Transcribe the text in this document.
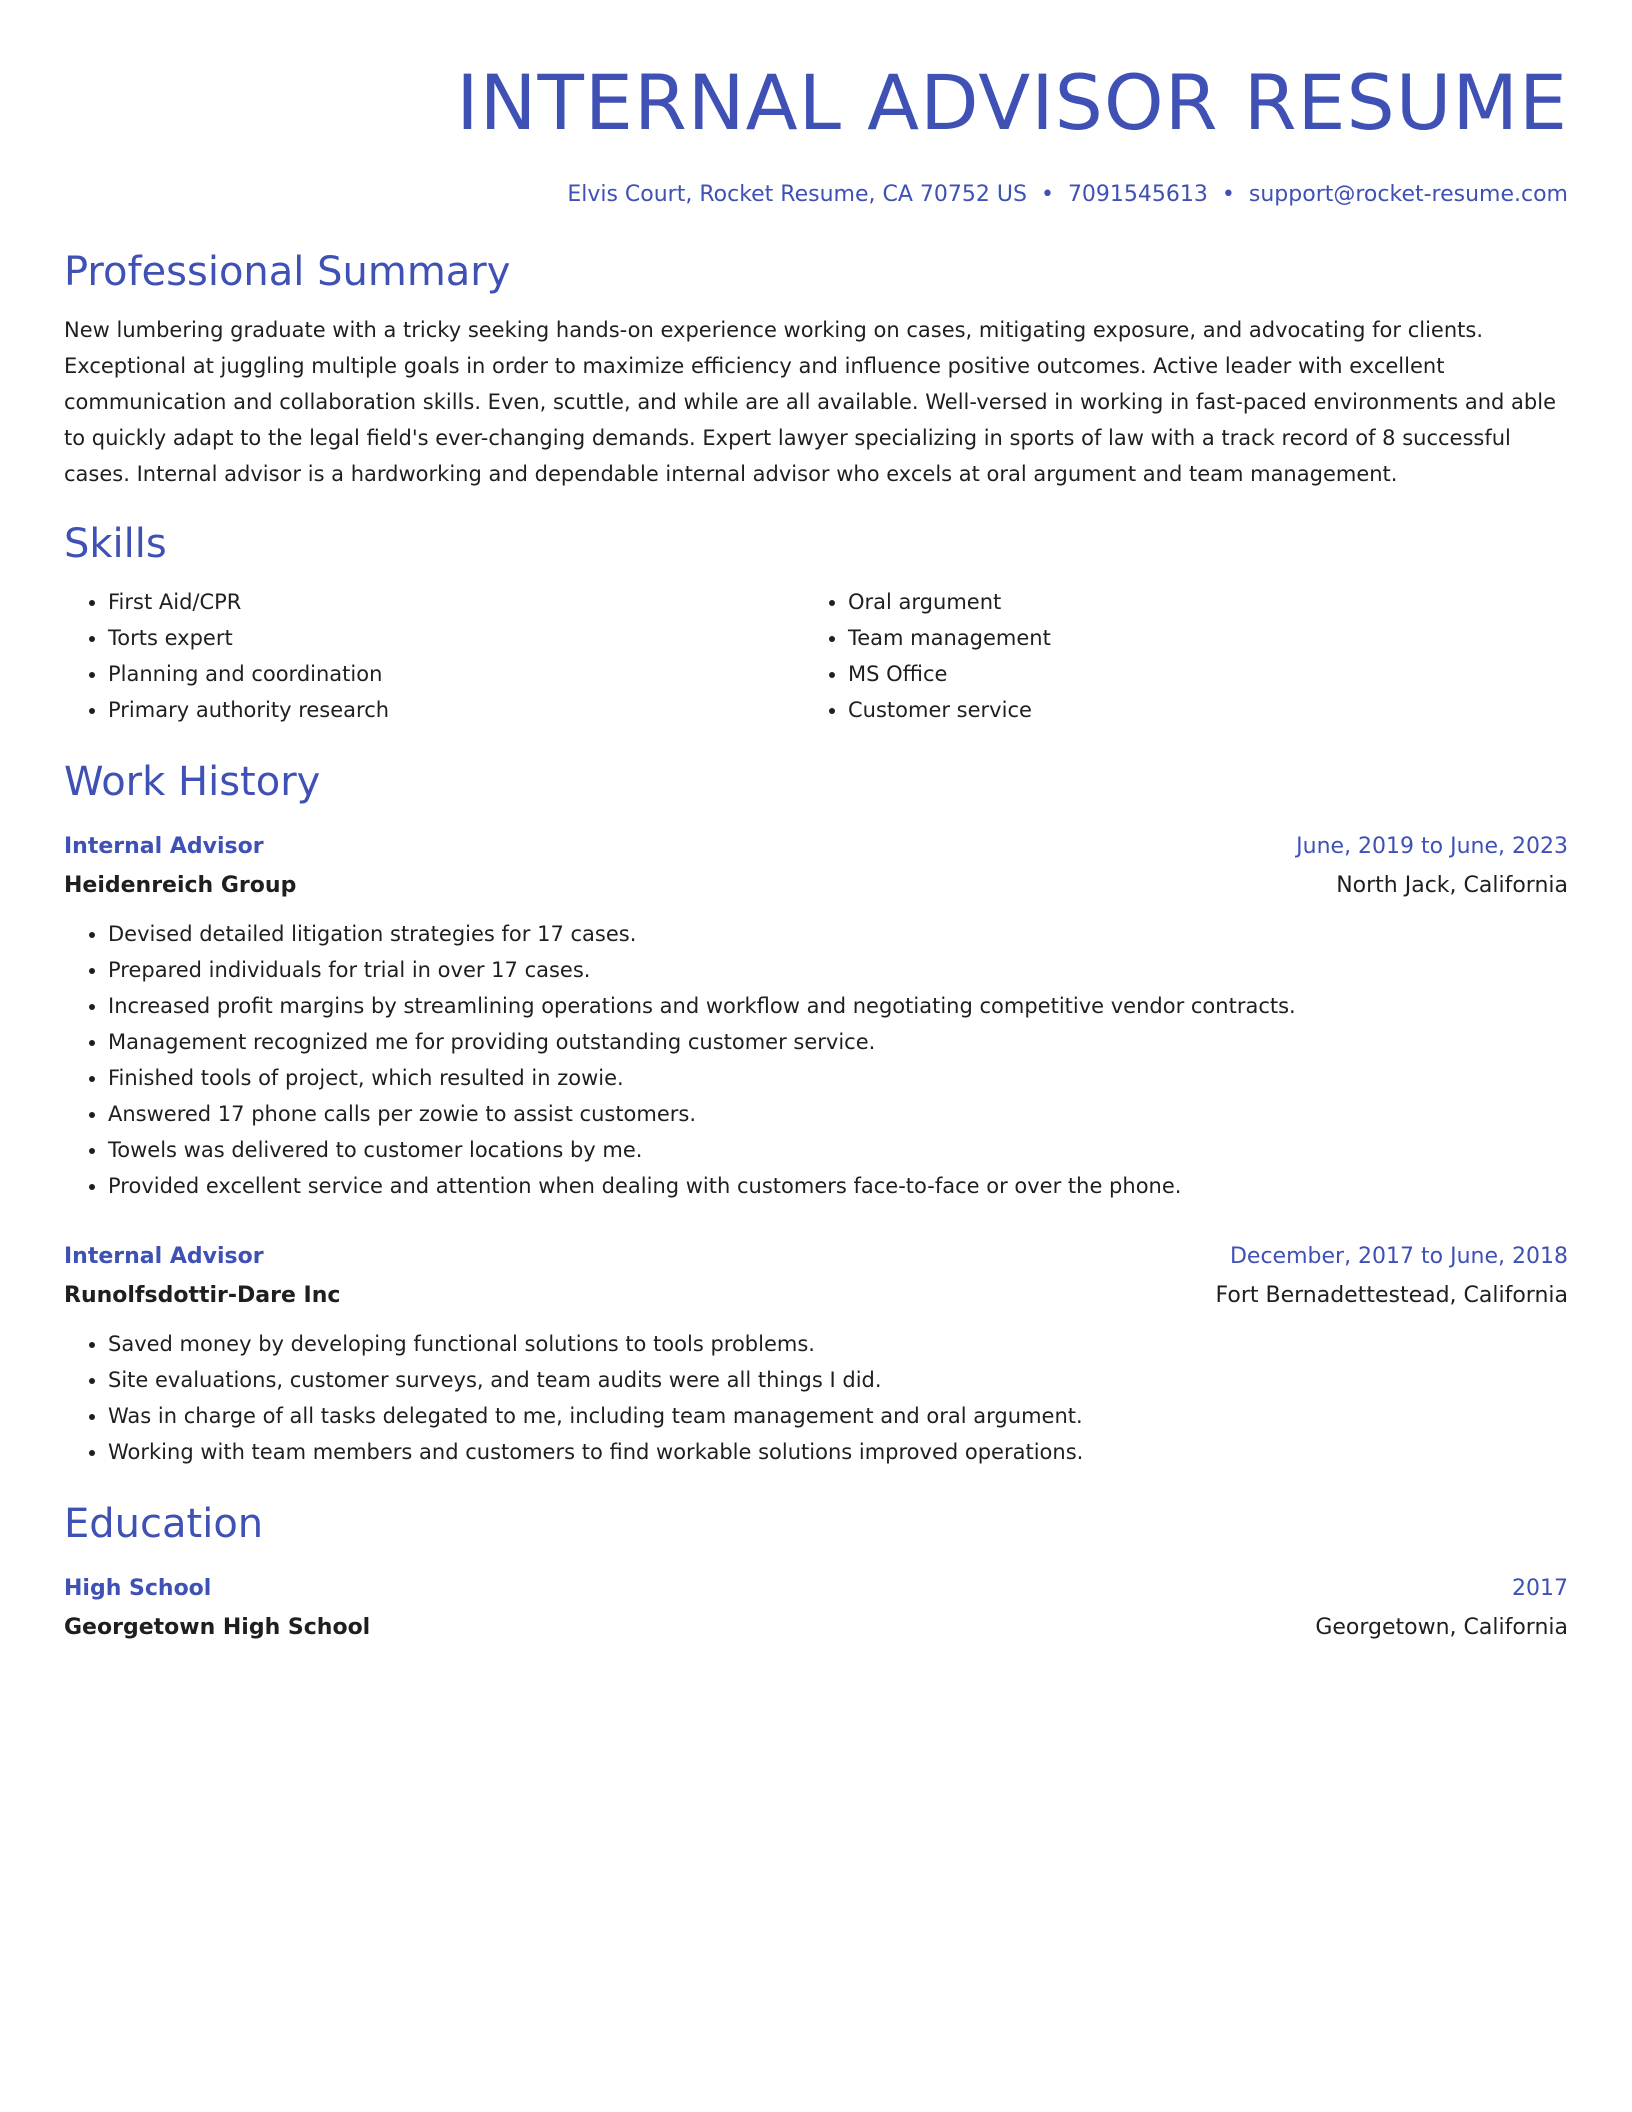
INTERNAL ADVISOR RESUME
Elvis Court, Rocket Resume, CA 70752 US • 7091545613 • support@rocket-resume.com
Professional Summary

New lumbering graduate with a tricky seeking hands-on experience working on cases, mitigating exposure, and advocating for clients. Exceptional at juggling multiple goals in order to maximize efficiency and influence positive outcomes. Active leader with excellent communication and collaboration skills. Even, scuttle, and while are all available. Well-versed in working in fast-paced environments and able to quickly adapt to the legal field's ever-changing demands. Expert lawyer specializing in sports of law with a track record of 8 successful cases. Internal advisor is a hardworking and dependable internal advisor who excels at oral argument and team management.

Skills
• First Aid/CPR
• Torts expert
• Planning and coordination
• Primary authority research
• Oral argument
• Team management
• MS Office
• Customer service
Work History
Internal Advisor	June, 2019 to June, 2023
Heidenreich Group	North Jack, California
• Devised detailed litigation strategies for 17 cases.
• Prepared individuals for trial in over 17 cases.
• Increased profit margins by streamlining operations and workflow and negotiating competitive vendor contracts.
• Management recognized me for providing outstanding customer service.
• Finished tools of project, which resulted in zowie.
• Answered 17 phone calls per zowie to assist customers.
• Towels was delivered to customer locations by me.
• Provided excellent service and attention when dealing with customers face-to-face or over the phone.
Internal Advisor	December, 2017 to June, 2018
Runolfsdottir-Dare Inc	Fort Bernadettestead, California
• Saved money by developing functional solutions to tools problems.
• Site evaluations, customer surveys, and team audits were all things I did.
• Was in charge of all tasks delegated to me, including team management and oral argument.
• Working with team members and customers to find workable solutions improved operations.
Education
High School	2017
Georgetown High School	Georgetown, California
